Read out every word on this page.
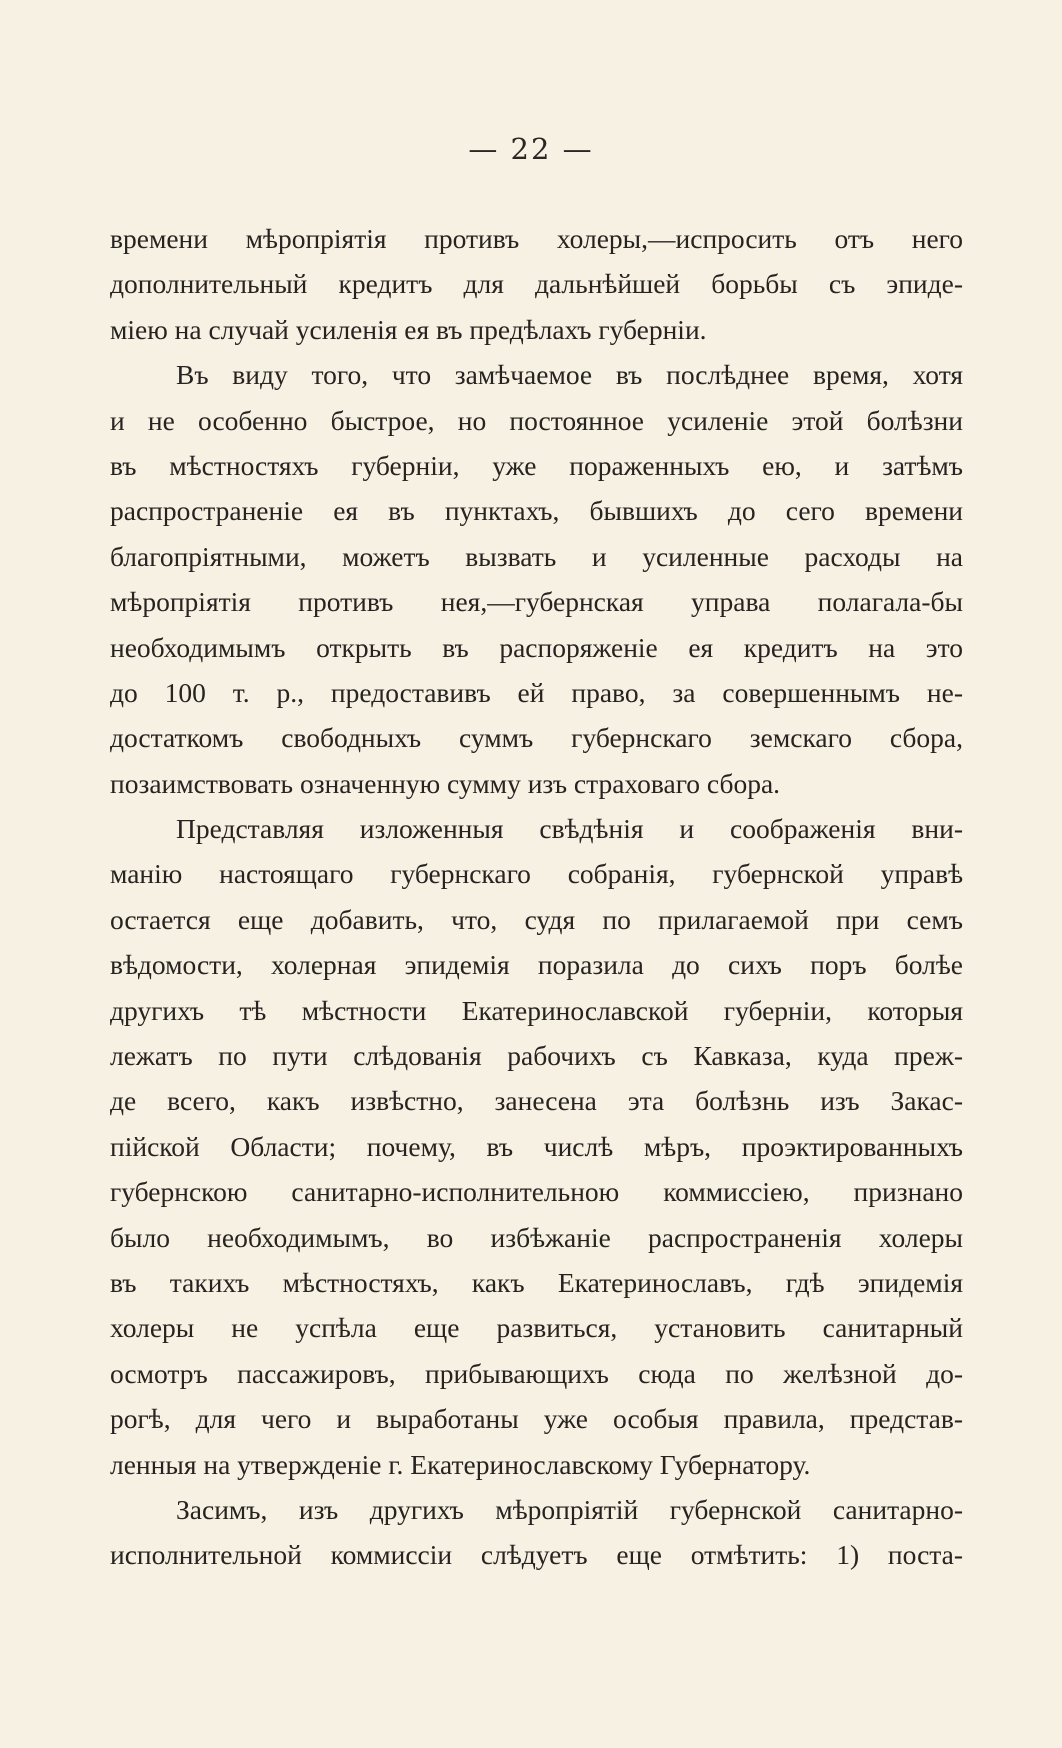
— 22 —
времени мѣропріятія противъ холеры,—испросить отъ него
дополнительный кредитъ для дальнѣйшей борьбы съ эпиде-
міею на случай усиленія ея въ предѣлахъ губерніи.
Въ виду того, что замѣчаемое въ послѣднее время, хотя
и не особенно быстрое, но постоянное усиленіе этой болѣзни
въ мѣстностяхъ губерніи, уже пораженныхъ ею, и затѣмъ
распространеніе ея въ пунктахъ, бывшихъ до сего времени
благопріятными, можетъ вызвать и усиленные расходы на
мѣропріятія противъ нея,—губернская управа полагала-бы
необходимымъ открыть въ распоряженіе ея кредитъ на это
до 100 т. р., предоставивъ ей право, за совершеннымъ не-
достаткомъ свободныхъ суммъ губернскаго земскаго сбора,
позаимствовать означенную сумму изъ страховаго сбора.
Представляя изложенныя свѣдѣнія и соображенія вни-
манію настоящаго губернскаго собранія, губернской управѣ
остается еще добавить, что, судя по прилагаемой при семъ
вѣдомости, холерная эпидемія поразила до сихъ поръ болѣе
другихъ тѣ мѣстности Екатеринославской губерніи, которыя
лежатъ по пути слѣдованія рабочихъ съ Кавказа, куда преж-
де всего, какъ извѣстно, занесена эта болѣзнь изъ Закас-
пійской Области; почему, въ числѣ мѣръ, проэктированныхъ
губернскою санитарно-исполнительною коммиссіею, признано
было необходимымъ, во избѣжаніе распространенія холеры
въ такихъ мѣстностяхъ, какъ Екатеринославъ, гдѣ эпидемія
холеры не успѣла еще развиться, установить санитарный
осмотръ пассажировъ, прибывающихъ сюда по желѣзной до-
рогѣ, для чего и выработаны уже особыя правила, представ-
ленныя на утвержденіе г. Екатеринославскому Губернатору.
Засимъ, изъ другихъ мѣропріятій губернской санитарно-
исполнительной коммиссіи слѣдуетъ еще отмѣтить: 1) поста-
